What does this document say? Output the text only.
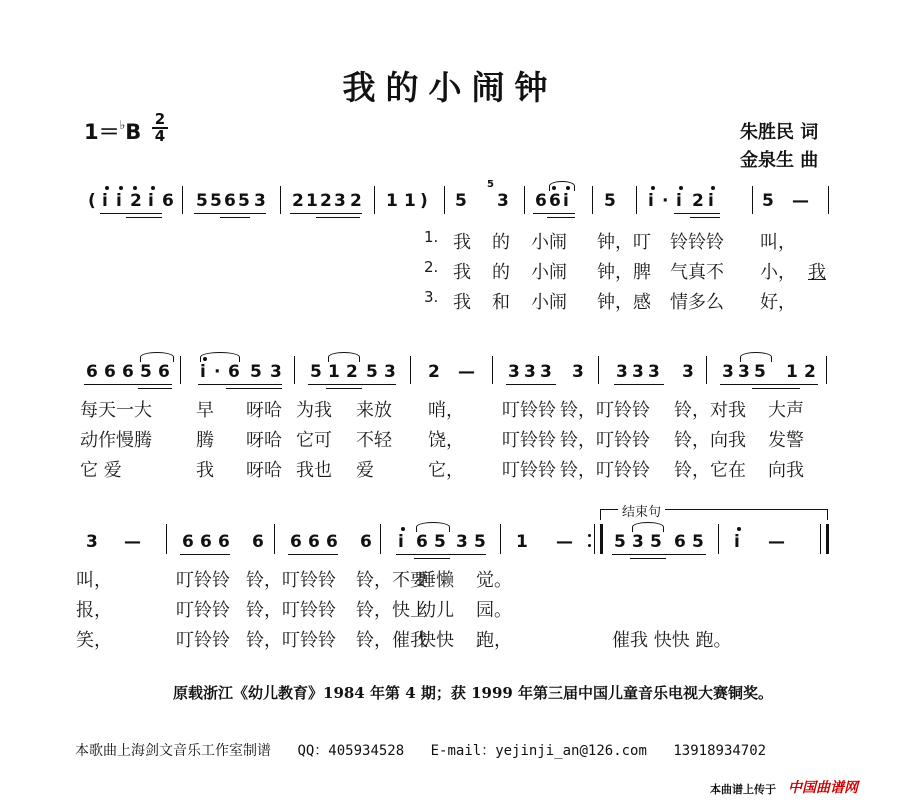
我的小闹钟
$1=^♭B \frac{2}{4}$	朱胜民 词
金泉生 曲
( i i 2 i 6 5 5 6 5 3 2 1 2 3 2 1 1 ) 5 3 6 6 i 5 i · i 2 i	5 —
5
1. 我 的 小闹 钟，叮 铃铃铃 叫，
2. 我 的 小闹 钟，脾 气真不 小， 我
3. 我 和 小闹 钟，感 情多么 好，
6 6 6 5 6 i · 6 5 3 5 1 2 5 3 2 — 3 3 3 3 3 3 3 3 3 3 5 1 2
每天一大 早 呀哈 为我 来放 哨， 叮铃铃 铃，叮铃铃 铃，对我 大声
动作慢腾 腾 呀哈 它可 不轻 饶， 叮铃铃 铃，叮铃铃 铃，向我 发警
它 爱	我 呀哈 我也 爱	它， 叮铃铃 铃，叮铃铃 铃，它在 向我
结束句
3 — 6 6 6 6 6 6 6 6 i 6 5 3 5 1 — 5 3 5 6 5 i —
叫，	叮铃铃 铃，叮铃铃 铃，不要
睡懒 觉。
报，	叮铃铃 铃，叮铃铃 铃，快上
幼儿 园。
笑，	叮铃铃 铃，叮铃铃 铃，催我
快快 跑，	催我 快快 跑。
原载浙江《幼儿教育》1984 年第 4 期；获 1999 年第三届中国儿童音乐电视大赛铜奖。
本歌曲上海剑文音乐工作室制谱 QQ：405934528 E-mail：yejinji_an@126.com 13918934702
本曲谱上传于 中国曲谱网
